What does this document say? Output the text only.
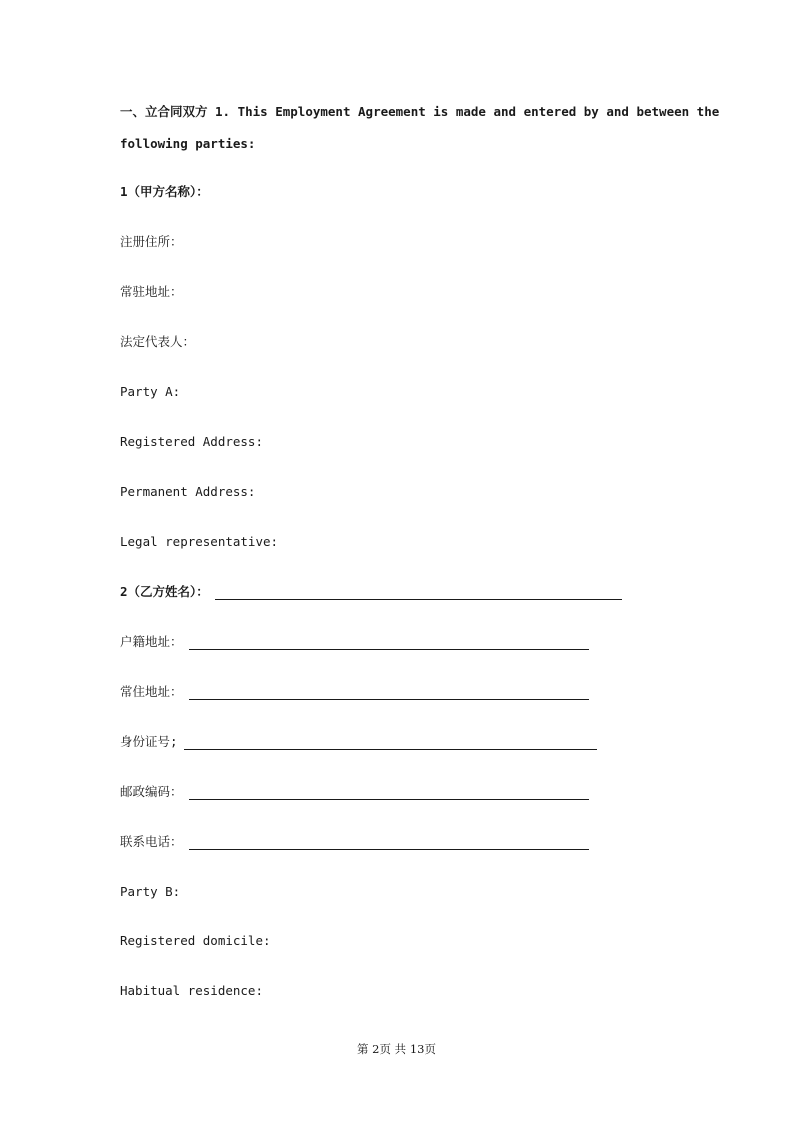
一、立合同双方 1. This Employment Agreement is made and entered by and between the
following parties:
1（甲方名称）：
注册住所：
常驻地址：
法定代表人：
Party A:
Registered Address:
Permanent Address:
Legal representative:
2（乙方姓名）：
户籍地址：
常住地址：
身份证号;
邮政编码：
联系电话：
Party B:
Registered domicile:
Habitual residence:
第 2页 共 13页
